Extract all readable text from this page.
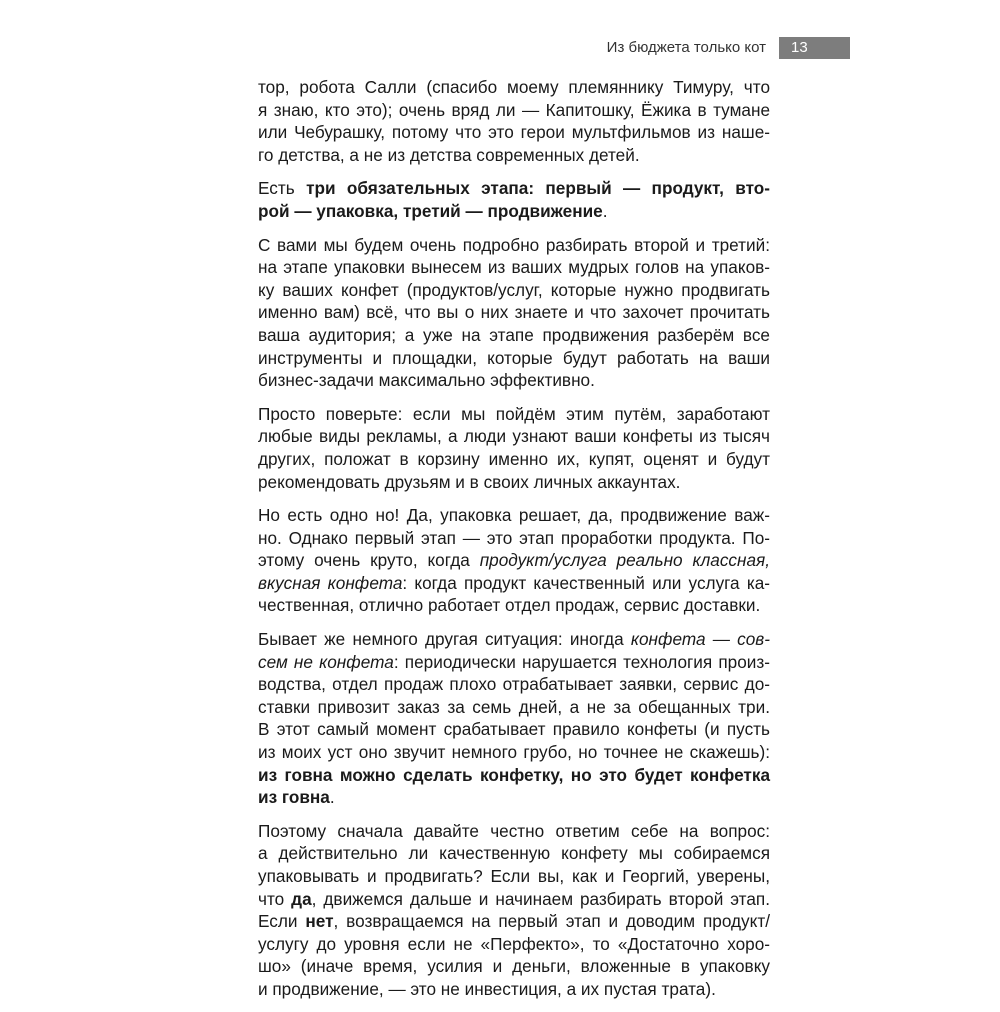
Из бюджета только кот	13

тор, робота Салли (спасибо моему племяннику Тимуру, что
я знаю, кто это); очень вряд ли — Капитошку, Ёжика в тумане
или Чебурашку, потому что это герои мультфильмов из наше-
го детства, а не из детства современных детей.

Есть три обязательных этапа: первый — продукт, вто-
рой — упаковка, третий — продвижение.

С вами мы будем очень подробно разбирать второй и третий:
на этапе упаковки вынесем из ваших мудрых голов на упаков-
ку ваших конфет (продуктов/услуг, которые нужно продвигать
именно вам) всё, что вы о них знаете и что захочет прочитать
ваша аудитория; а уже на этапе продвижения разберём все
инструменты и площадки, которые будут работать на ваши
бизнес-задачи максимально эффективно.

Просто поверьте: если мы пойдём этим путём, заработают
любые виды рекламы, а люди узнают ваши конфеты из тысяч
других, положат в корзину именно их, купят, оценят и будут
рекомендовать друзьям и в своих личных аккаунтах.

Но есть одно но! Да, упаковка решает, да, продвижение важ-
но. Однако первый этап — это этап проработки продукта. По-
этому очень круто, когда продукт/услуга реально классная,
вкусная конфета: когда продукт качественный или услуга ка-
чественная, отлично работает отдел продаж, сервис доставки.

Бывает же немного другая ситуация: иногда конфета — сов-
сем не конфета: периодически нарушается технология произ-
водства, отдел продаж плохо отрабатывает заявки, сервис до-
ставки привозит заказ за семь дней, а не за обещанных три.
В этот самый момент срабатывает правило конфеты (и пусть
из моих уст оно звучит немного грубо, но точнее не скажешь):
из говна можно сделать конфетку, но это будет конфетка
из говна.

Поэтому сначала давайте честно ответим себе на вопрос:
а действительно ли качественную конфету мы собираемся
упаковывать и продвигать? Если вы, как и Георгий, уверены,
что да, движемся дальше и начинаем разбирать второй этап.
Если нет, возвращаемся на первый этап и доводим продукт/
услугу до уровня если не «Перфекто», то «Достаточно хоро-
шо» (иначе время, усилия и деньги, вложенные в упаковку
и продвижение, — это не инвестиция, а их пустая трата).
